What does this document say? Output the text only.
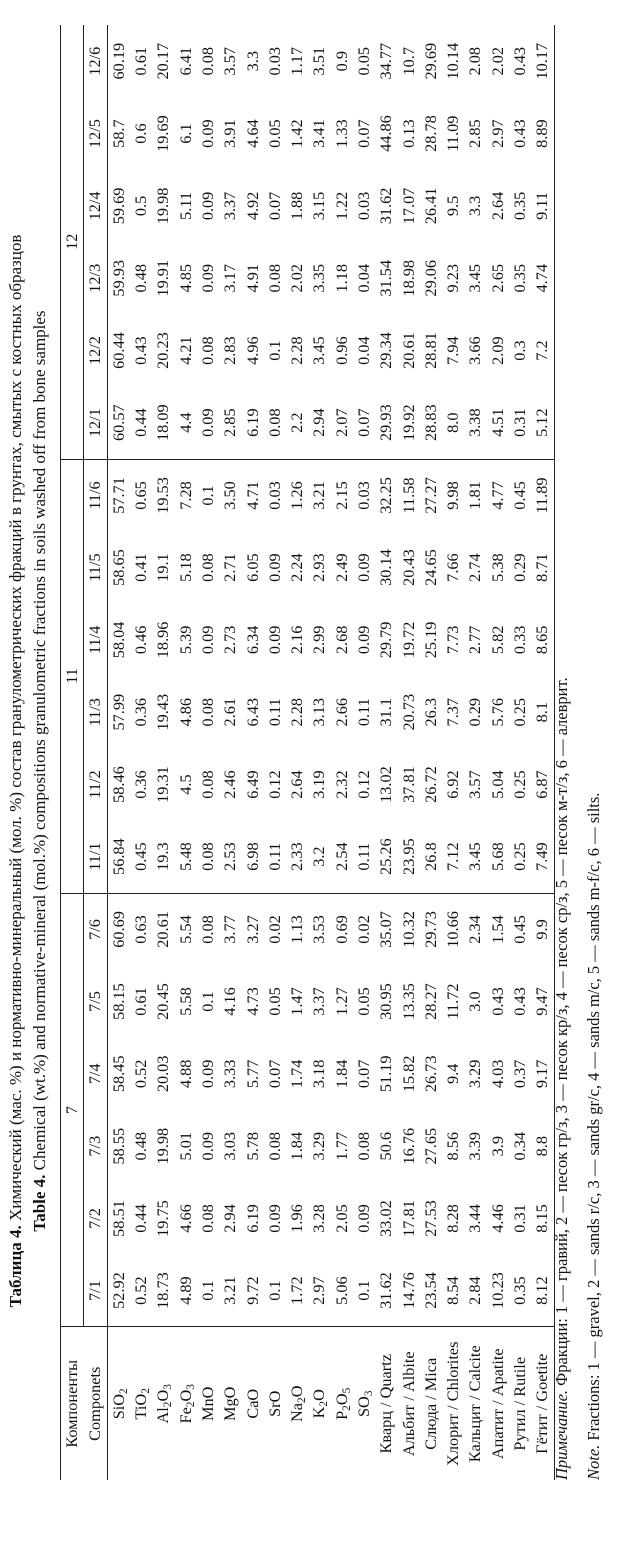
Таблица 4. Химический (мас. %) и нормативно-минеральный (мол. %) состав гранулометрических фракций в грунтах, смытых с костных образцов Table 4. Chemical (wt.%) and normative-mineral (mol.%) compositions granulometric fractions in soils washed off from bone samples
Компоненты	7						11						12					
Componets	7/1	7/2	7/3	7/4	7/5	7/6	11/1	11/2	11/3	11/4	11/5	11/6	12/1	12/2	12/3	12/4	12/5	12/6
SiO$_2$	52.92	58.51	58.55	58.45	58.15	60.69	56.84	58.46	57.99	58.04	58.65	57.71	60.57	60.44	59.93	59.69	58.7	60.19
TiO$_2$	0.52	0.44	0.48	0.52	0.61	0.63	0.45	0.36	0.36	0.46	0.41	0.65	0.44	0.43	0.48	0.5	0.6	0.61
$Al_2O_3$	18.73	19.75	19.98	20.03	20.45	20.61	19.3	19.31	19.43	18.96	19.1	19.53	18.09	20.23	19.91	19.98	19.69	20.17
$Fe_2O_3$	4.89	4.66	5.01	4.88	5.58	5.54	5.48	4.5	4.86	5.39	5.18	7.28	4.4	4.21	4.85	5.11	6.1	6.41
MnO	0.1	0.08	0.09	0.09	0.1	0.08	0.08	0.08	0.08	0.09	0.08	0.1	0.09	0.08	0.09	0.09	0.09	0.08
MgO	3.21	2.94	3.03	3.33	4.16	3.77	2.53	2.46	2.61	2.73	2.71	3.50	2.85	2.83	3.17	3.37	3.91	3.57
CaO	9.72	6.19	5.78	5.77	4.73	3.27	6.98	6.49	6.43	6.34	6.05	4.71	6.19	4.96	4.91	4.92	4.64	3.3
SrO	0.1	0.09	0.08	0.07	0.05	0.02	0.11	0.12	0.11	0.09	0.09	0.03	0.08	0.1	0.08	0.07	0.05	0.03
$Na_2O$	1.72	1.96	1.84	1.74	1.47	1.13	2.33	2.64	2.28	2.16	2.24	1.26	2.2	2.28	2.02	1.88	1.42	1.17
$K_2O$	2.97	3.28	3.29	3.18	3.37	3.53	3.2	3.19	3.13	2.99	2.93	3.21	2.94	3.45	3.35	3.15	3.41	3.51
$P_2O_5$	5.06	2.05	1.77	1.84	1.27	0.69	2.54	2.32	2.66	2.68	2.49	2.15	2.07	0.96	1.18	1.22	1.33	0.9
$SO_3$	0.1	0.09	0.08	0.07	0.05	0.02	0.11	0.12	0.11	0.09	0.09	0.03	0.07	0.04	0.04	0.03	0.07	0.05
Кварц / Quartz	31.62	33.02	50.6	51.19	30.95	35.07	25.26	13.02	31.1	29.79	30.14	32.25	29.93	29.34	31.54	31.62	44.86	34.77
Альбит / Albite	14.76	17.81	16.76	15.82	13.35	10.32	23.95	37.81	20.73	19.72	20.43	11.58	19.92	20.61	18.98	17.07	0.13	10.7
Слюда / Mica	23.54	27.53	27.65	26.73	28.27	29.73	26.8	26.72	26.3	25.19	24.65	27.27	28.83	28.81	29.06	26.41	28.78	29.69
Хлорит / Chlorites	8.54	8.28	8.56	9.4	11.72	10.66	7.12	6.92	7.37	7.73	7.66	9.98	8.0	7.94	9.23	9.5	11.09	10.14
Кальцит / Calcite	2.84	3.44	3.39	3.29	3.0	2.34	3.45	3.57	0.29	2.77	2.74	1.81	3.38	3.66	3.45	3.3	2.85	2.08
Апатит / Apatite	10.23	4.46	3.9	4.03	0.43	1.54	5.68	5.04	5.76	5.82	5.38	4.77	4.51	2.09	2.65	2.64	2.97	2.02
Рутил / Rutile	0.35	0.31	0.34	0.37	0.43	0.45	0.25	0.25	0.25	0.33	0.29	0.45	0.31	0.3	0.35	0.35	0.43	0.43
Гётит / Goetite	8.12	8.15	8.8	9.17	9.47	9.9	7.49	6.87	8.1	8.65	8.71	11.89	5.12	7.2	4.74	9.11	8.89	10.17
Примечание. Фракции: 1 — гравий, 2 — песок гр/з, 3 — песок кр/з, 4 — песок ср/з, 5 — песок м-т/з, 6 — алеврит.
Note. Fractions: 1 — gravel, 2 — sands r/c, 3 — sands gr/c, 4 — sands m/c, 5 — sands m-f/c, 6 — silts.
